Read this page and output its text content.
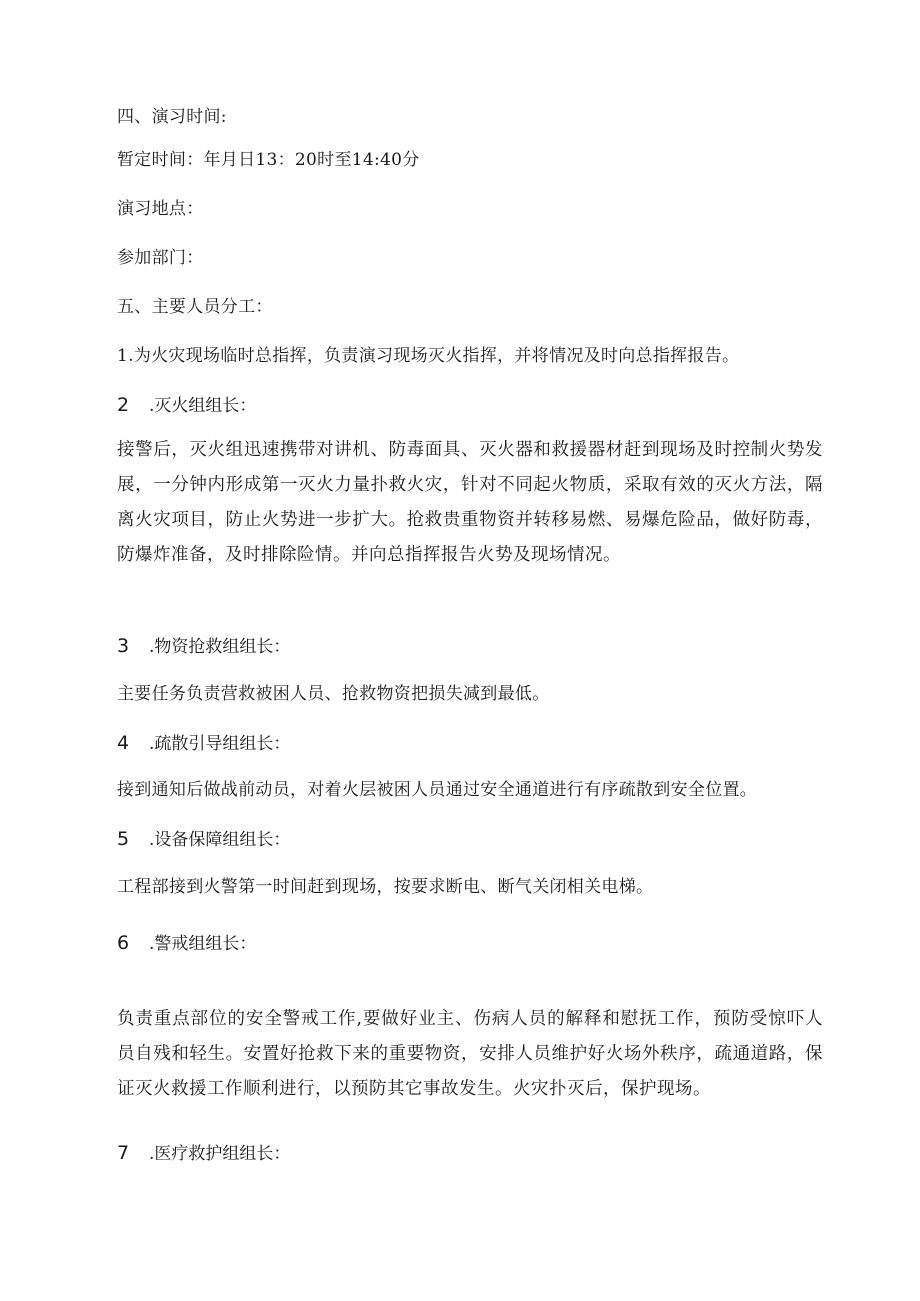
四、演习时间:
暂定时间：年月日13：20时至14:40分
演习地点：
参加部门：
五、主要人员分工：
1.为火灾现场临时总指挥，负责演习现场灭火指挥，并将情况及时向总指挥报告。
2 .灭火组组长：

接警后，灭火组迅速携带对讲机、防毒面具、灭火器和救援器材赶到现场及时控制火势发展，一分钟内形成第一灭火力量扑救火灾，针对不同起火物质，采取有效的灭火方法，隔离火灾项目，防止火势进一步扩大。抢救贵重物资并转移易燃、易爆危险品，做好防毒，防爆炸准备，及时排除险情。并向总指挥报告火势及现场情况。

3 .物资抢救组组长：
主要任务负责营救被困人员、抢救物资把损失减到最低。
4 .疏散引导组组长：
接到通知后做战前动员，对着火层被困人员通过安全通道进行有序疏散到安全位置。
5 .设备保障组组长：
工程部接到火警第一时间赶到现场，按要求断电、断气关闭相关电梯。
6 .警戒组组长：

负责重点部位的安全警戒工作,要做好业主、伤病人员的解释和慰抚工作，预防受惊吓人员自残和轻生。安置好抢救下来的重要物资，安排人员维护好火场外秩序，疏通道路，保证灭火救援工作顺利进行，以预防其它事故发生。火灾扑灭后，保护现场。

7 .医疗救护组组长：
